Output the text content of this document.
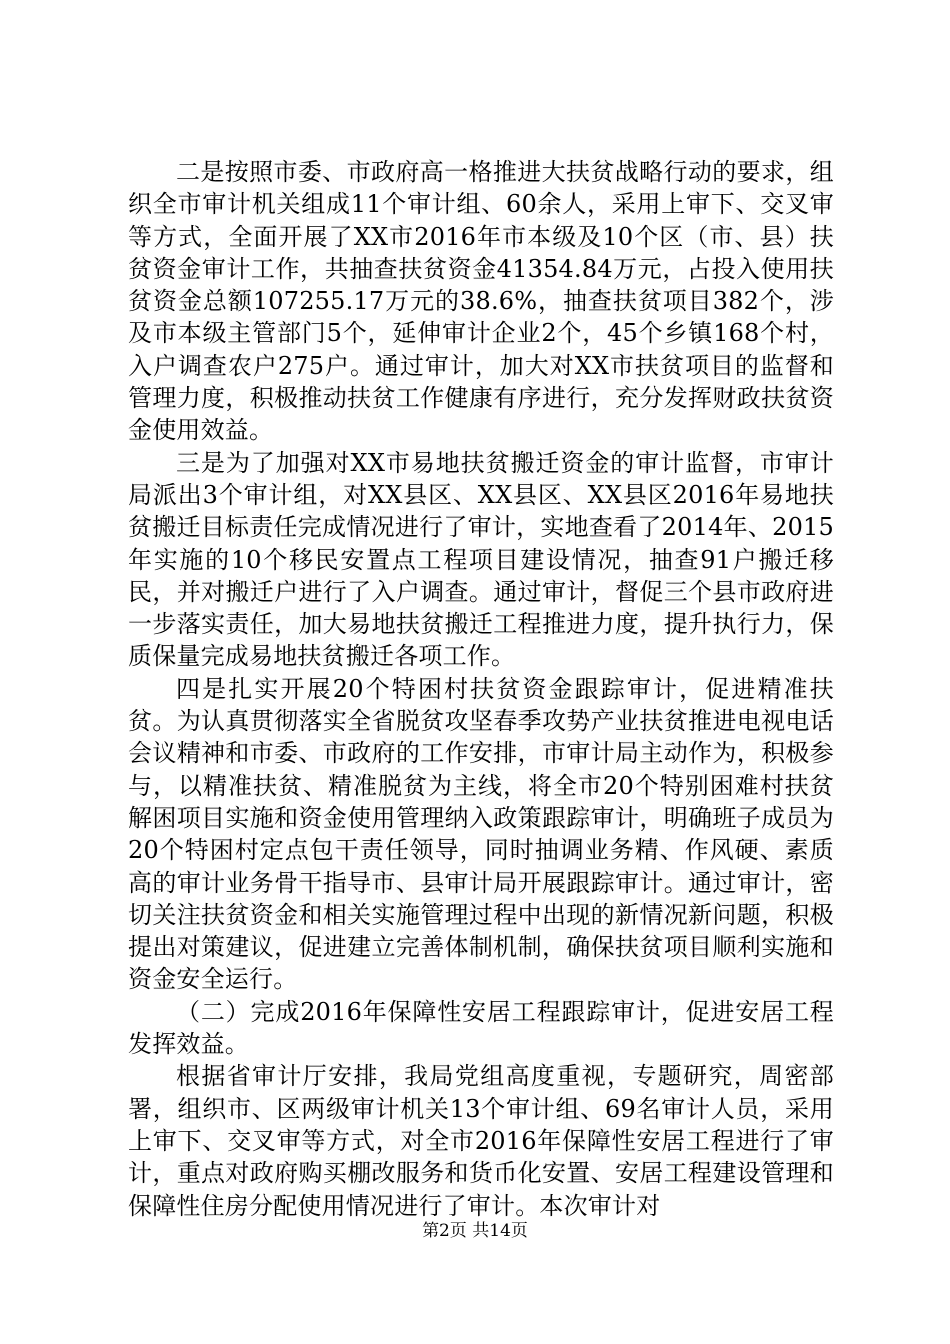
二是按照市委、市政府高一格推进大扶贫战略行动的要求，组织全市审计机关组成11个审计组、60余人，采用上审下、交叉审等方式，全面开展了XX市2016年市本级及10个区（市、县）扶贫资金审计工作，共抽查扶贫资金41354.84万元，占投入使用扶贫资金总额107255.17万元的38.6%，抽查扶贫项目382个，涉及市本级主管部门5个，延伸审计企业2个，45个乡镇168个村，入户调查农户275户。通过审计，加大对XX市扶贫项目的监督和管理力度，积极推动扶贫工作健康有序进行，充分发挥财政扶贫资金使用效益。

三是为了加强对XX市易地扶贫搬迁资金的审计监督，市审计局派出3个审计组，对XX县区、XX县区、XX县区2016年易地扶贫搬迁目标责任完成情况进行了审计，实地查看了2014年、2015年实施的10个移民安置点工程项目建设情况，抽查91户搬迁移民，并对搬迁户进行了入户调查。通过审计，督促三个县市政府进一步落实责任，加大易地扶贫搬迁工程推进力度，提升执行力，保质保量完成易地扶贫搬迁各项工作。

四是扎实开展20个特困村扶贫资金跟踪审计，促进精准扶贫。为认真贯彻落实全省脱贫攻坚春季攻势产业扶贫推进电视电话会议精神和市委、市政府的工作安排，市审计局主动作为，积极参与，以精准扶贫、精准脱贫为主线，将全市20个特别困难村扶贫解困项目实施和资金使用管理纳入政策跟踪审计，明确班子成员为20个特困村定点包干责任领导，同时抽调业务精、作风硬、素质高的审计业务骨干指导市、县审计局开展跟踪审计。通过审计，密切关注扶贫资金和相关实施管理过程中出现的新情况新问题，积极提出对策建议，促进建立完善体制机制，确保扶贫项目顺利实施和资金安全运行。

（二）完成2016年保障性安居工程跟踪审计，促进安居工程发挥效益。

根据省审计厅安排，我局党组高度重视，专题研究，周密部署，组织市、区两级审计机关13个审计组、69名审计人员，采用上审下、交叉审等方式，对全市2016年保障性安居工程进行了审计，重点对政府购买棚改服务和货币化安置、安居工程建设管理和保障性住房分配使用情况进行了审计。本次审计对

第2页 共14页
